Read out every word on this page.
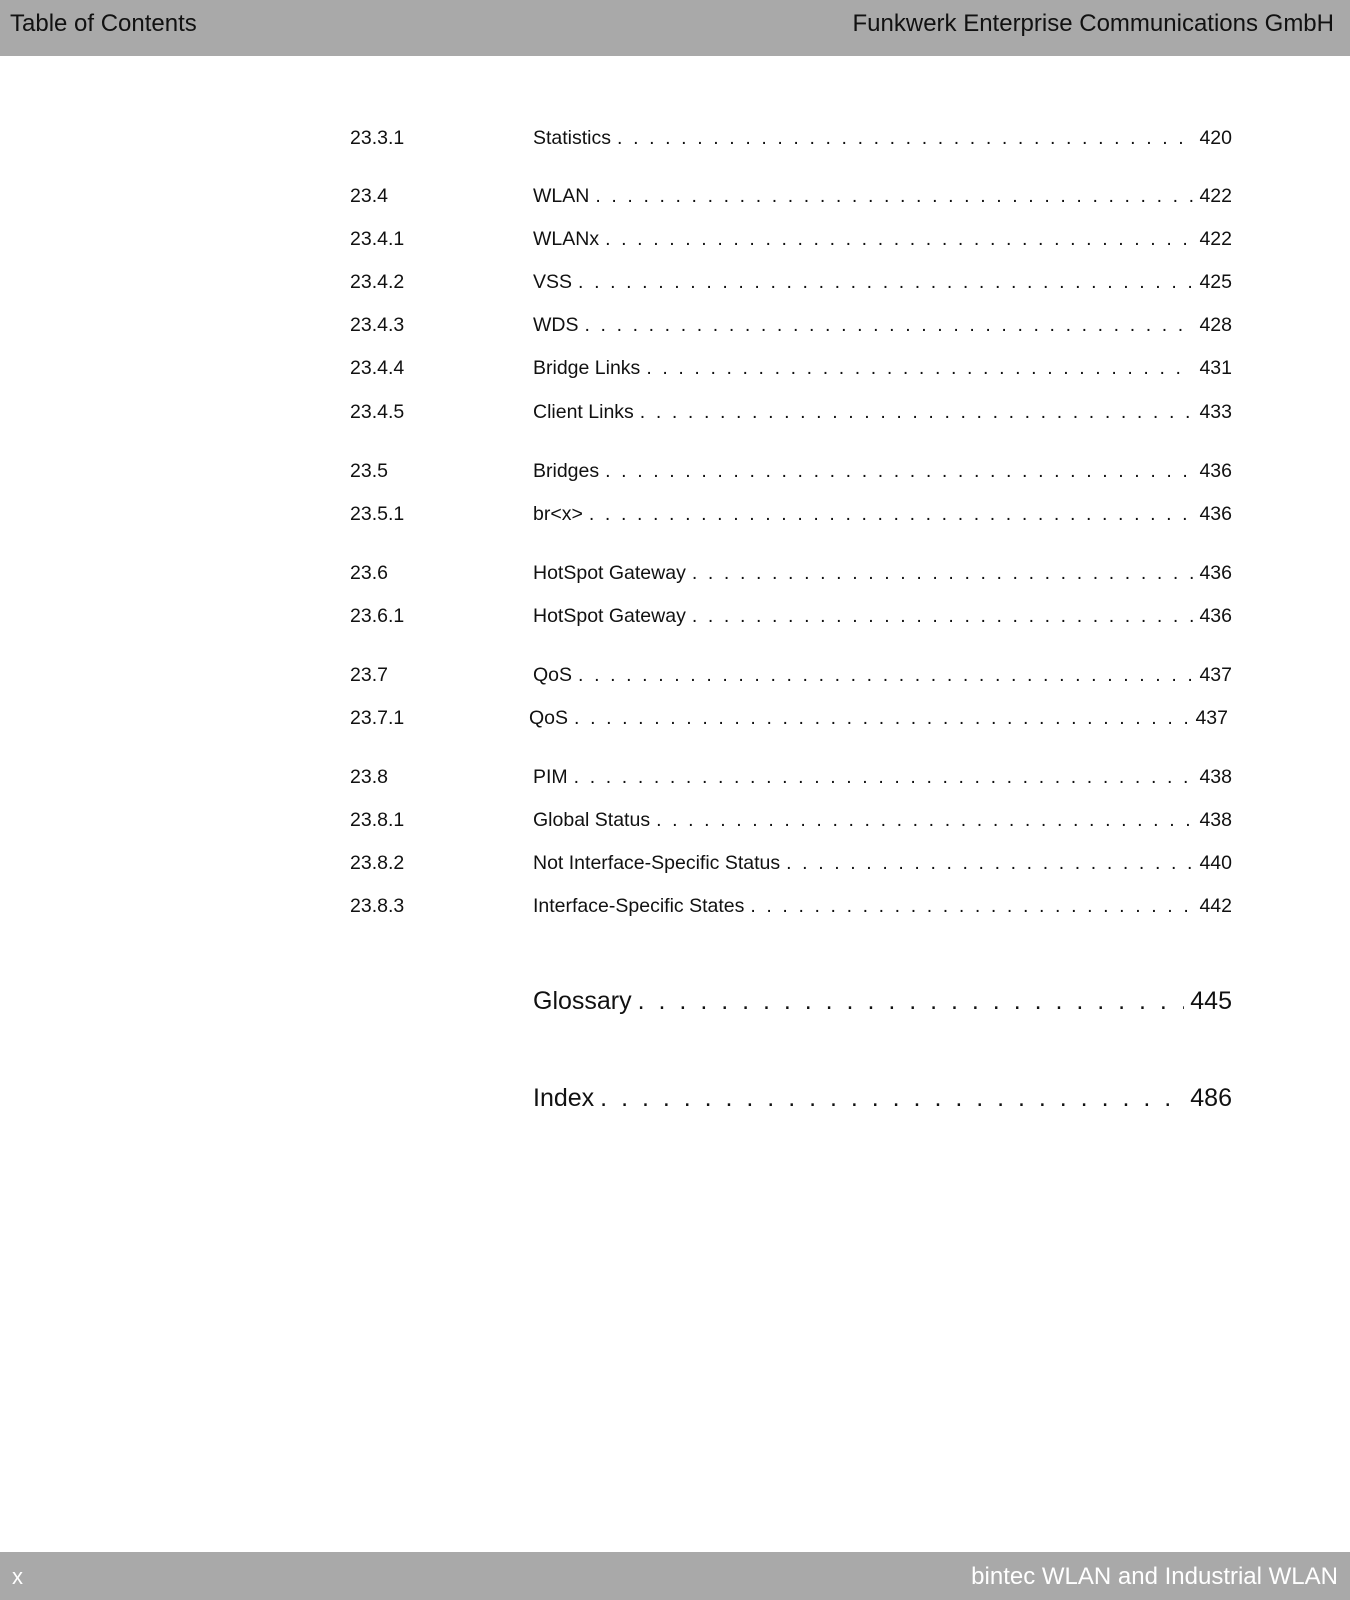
Table of Contents	Funkwerk Enterprise Communications GmbH
23.3.1	Statistics . . .	420
23.4	WLAN . . .	422
23.4.1	WLANx . . .	422
23.4.2	VSS . . .	425
23.4.3	WDS . . .	428
23.4.4	Bridge Links . . .	431
23.4.5	Client Links . . .	433
23.5	Bridges . . .	436
23.5.1	br<x> . . .	436
23.6	HotSpot Gateway . . .	436
23.6.1	HotSpot Gateway . . .	436
23.7	QoS . . .	437
23.7.1	QoS . . .	437
23.8	PIM . . .	438
23.8.1	Global Status . . .	438
23.8.2	Not Interface-Specific Status . . .	440
23.8.3	Interface-Specific States . . .	442
Glossary . . .	445
Index . . .	486
x	bintec WLAN and Industrial WLAN
